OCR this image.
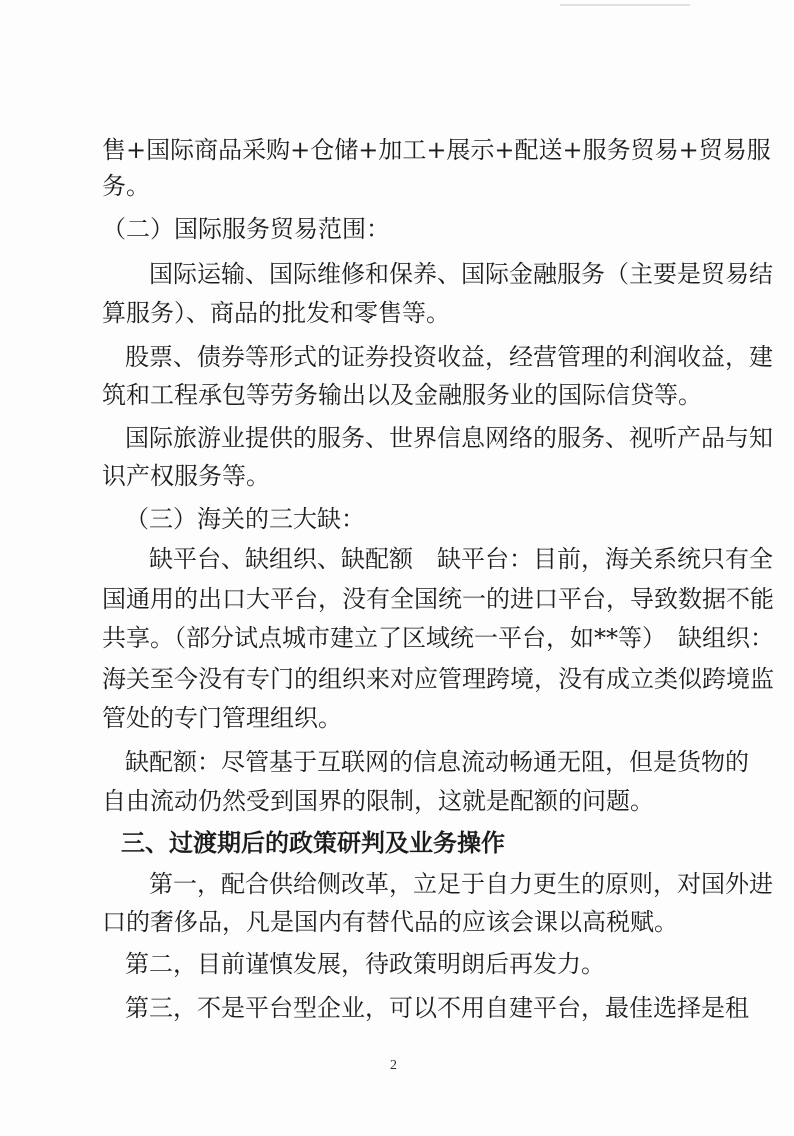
售+国际商品采购+仓储+加工+展示+配送+服务贸易+贸易服
务。
（二）国际服务贸易范围：
国际运输、国际维修和保养、国际金融服务（主要是贸易结
算服务）、商品的批发和零售等。
股票、债券等形式的证券投资收益，经营管理的利润收益，建
筑和工程承包等劳务输出以及金融服务业的国际信贷等。
国际旅游业提供的服务、世界信息网络的服务、视听产品与知
识产权服务等。
（三）海关的三大缺：
缺平台、缺组织、缺配额　缺平台：目前，海关系统只有全
国通用的出口大平台，没有全国统一的进口平台，导致数据不能
共享。（部分试点城市建立了区域统一平台，如**等）　缺组织：
海关至今没有专门的组织来对应管理跨境，没有成立类似跨境监
管处的专门管理组织。
缺配额：尽管基于互联网的信息流动畅通无阻，但是货物的
自由流动仍然受到国界的限制，这就是配额的问题。
三、过渡期后的政策研判及业务操作
第一，配合供给侧改革，立足于自力更生的原则，对国外进
口的奢侈品，凡是国内有替代品的应该会课以高税赋。
第二，目前谨慎发展，待政策明朗后再发力。
第三，不是平台型企业，可以不用自建平台，最佳选择是租
2
